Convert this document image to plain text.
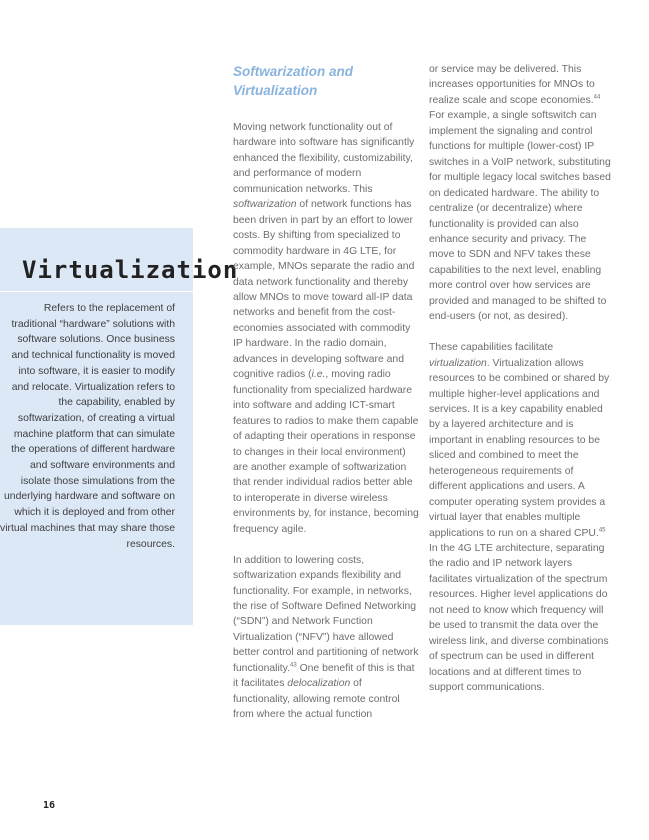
Virtualization

Refers to the replacement of traditional “hardware” solutions with software solutions. Once business and technical functionality is moved into software, it is easier to modify and relocate. Virtualization refers to the capability, enabled by softwarization, of creating a virtual machine platform that can simulate the operations of different hardware and software environments and isolate those simulations from the underlying hardware and software on which it is deployed and from other virtual machines that may share those resources.

Softwarization and Virtualization

Moving network functionality out of hardware into software has significantly enhanced the flexibility, customizability, and performance of modern communication networks. This softwarization of network functions has been driven in part by an effort to lower costs. By shifting from specialized to commodity hardware in 4G LTE, for example, MNOs separate the radio and data network functionality and thereby allow MNOs to move toward all-IP data networks and benefit from the cost-economies associated with commodity IP hardware. In the radio domain, advances in developing software and cognitive radios (i.e., moving radio functionality from specialized hardware into software and adding ICT-smart features to radios to make them capable of adapting their operations in response to changes in their local environment) are another example of softwarization that render individual radios better able to interoperate in diverse wireless environments by, for instance, becoming frequency agile.

In addition to lowering costs, softwarization expands flexibility and functionality. For example, in networks, the rise of Software Defined Networking (“SDN”) and Network Function Virtualization (“NFV”) have allowed better control and partitioning of network functionality.$^{43}$ One benefit of this is that it facilitates delocalization of functionality, allowing remote control from where the actual function

or service may be delivered. This increases opportunities for MNOs to realize scale and scope economies.$^{44}$ For example, a single softswitch can implement the signaling and control functions for multiple (lower-cost) IP switches in a VoIP network, substituting for multiple legacy local switches based on dedicated hardware. The ability to centralize (or decentralize) where functionality is provided can also enhance security and privacy. The move to SDN and NFV takes these capabilities to the next level, enabling more control over how services are provided and managed to be shifted to end-users (or not, as desired).

These capabilities facilitate virtualization. Virtualization allows resources to be combined or shared by multiple higher-level applications and services. It is a key capability enabled by a layered architecture and is important in enabling resources to be sliced and combined to meet the heterogeneous requirements of different applications and users. A computer operating system provides a virtual layer that enables multiple applications to run on a shared CPU.$^{45}$ In the 4G LTE architecture, separating the radio and IP network layers facilitates virtualization of the spectrum resources. Higher level applications do not need to know which frequency will be used to transmit the data over the wireless link, and diverse combinations of spectrum can be used in different locations and at different times to support communications.

16
